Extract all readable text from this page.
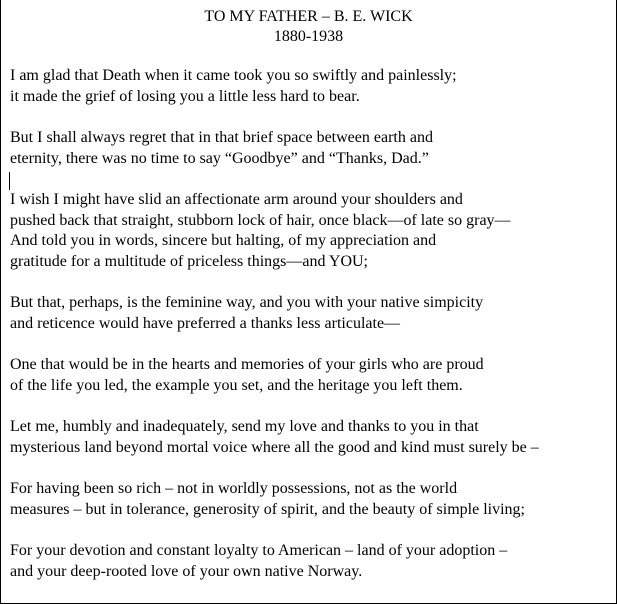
TO MY FATHER – B. E. WICK
1880-1938
I am glad that Death when it came took you so swiftly and painlessly;
it made the grief of losing you a little less hard to bear.
But I shall always regret that in that brief space between earth and
eternity, there was no time to say “Goodbye” and “Thanks, Dad.”
I wish I might have slid an affectionate arm around your shoulders and
pushed back that straight, stubborn lock of hair, once black—of late so gray—
And told you in words, sincere but halting, of my appreciation and
gratitude for a multitude of priceless things—and YOU;
But that, perhaps, is the feminine way, and you with your native simpicity
and reticence would have preferred a thanks less articulate—
One that would be in the hearts and memories of your girls who are proud
of the life you led, the example you set, and the heritage you left them.
Let me, humbly and inadequately, send my love and thanks to you in that
mysterious land beyond mortal voice where all the good and kind must surely be –
For having been so rich – not in worldly possessions, not as the world
measures – but in tolerance, generosity of spirit, and the beauty of simple living;
For your devotion and constant loyalty to American – land of your adoption –
and your deep-rooted love of your own native Norway.
